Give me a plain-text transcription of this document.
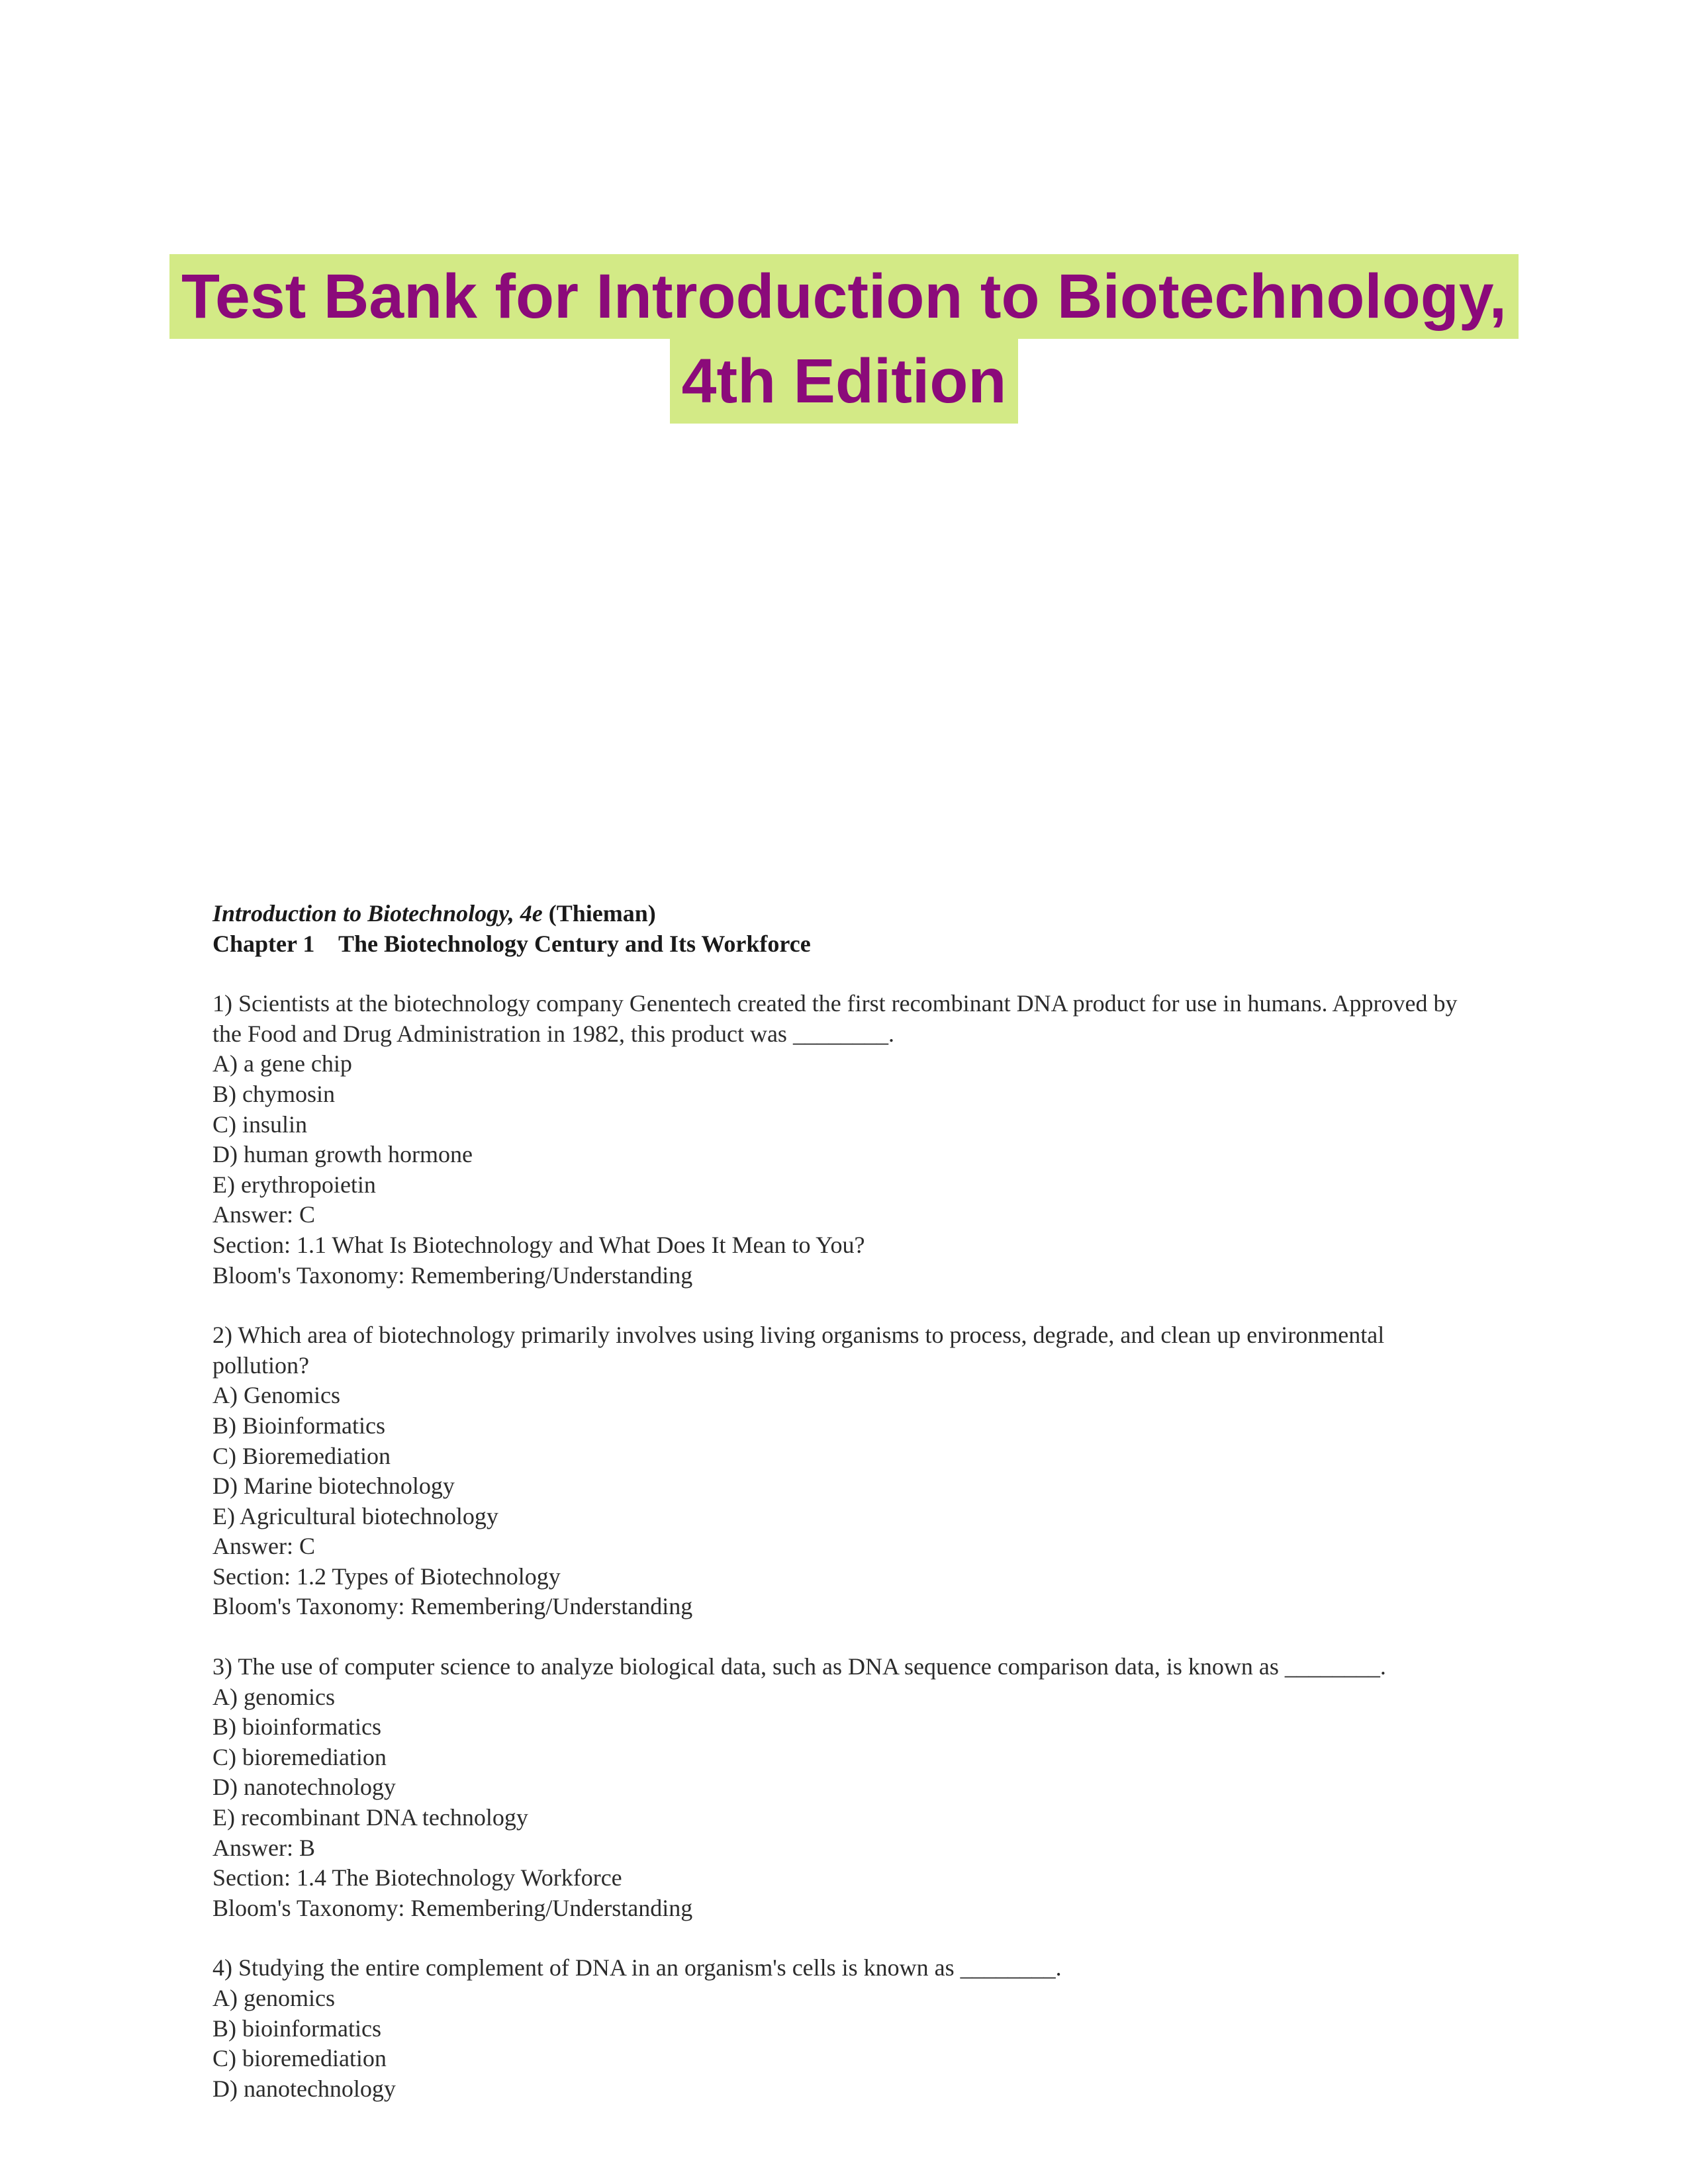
Test Bank for Introduction to Biotechnology,
4th Edition
Introduction to Biotechnology, 4e (Thieman)
Chapter 1 The Biotechnology Century and Its Workforce
1) Scientists at the biotechnology company Genentech created the first recombinant DNA product for use in humans. Approved by the Food and Drug Administration in 1982, this product was ________.
A) a gene chip
B) chymosin
C) insulin
D) human growth hormone
E) erythropoietin
Answer: C
Section: 1.1 What Is Biotechnology and What Does It Mean to You?
Bloom's Taxonomy: Remembering/Understanding
2) Which area of biotechnology primarily involves using living organisms to process, degrade, and clean up environmental pollution?
A) Genomics
B) Bioinformatics
C) Bioremediation
D) Marine biotechnology
E) Agricultural biotechnology
Answer: C
Section: 1.2 Types of Biotechnology
Bloom's Taxonomy: Remembering/Understanding
3) The use of computer science to analyze biological data, such as DNA sequence comparison data, is known as ________.
A) genomics
B) bioinformatics
C) bioremediation
D) nanotechnology
E) recombinant DNA technology
Answer: B
Section: 1.4 The Biotechnology Workforce
Bloom's Taxonomy: Remembering/Understanding
4) Studying the entire complement of DNA in an organism's cells is known as ________.
A) genomics
B) bioinformatics
C) bioremediation
D) nanotechnology
